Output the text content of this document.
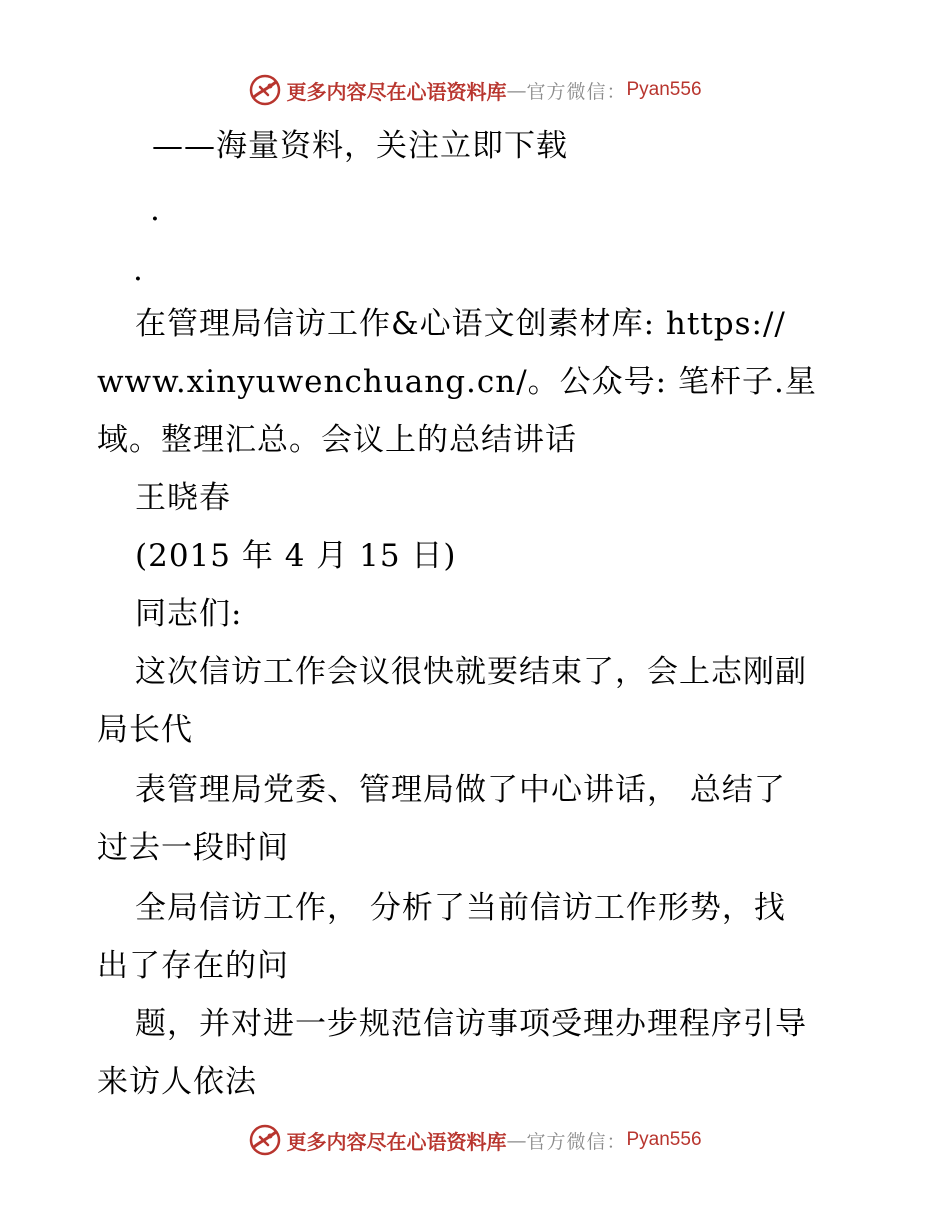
更多内容尽在心语资料库 — 官方微信： Pyan556
——海量资料，关注立即下载
.
.
在管理局信访工作&心语文创素材库: https://
www.xinyuwenchuang.cn/。公众号: 笔杆子.星
域。整理汇总。会议上的总结讲话
王晓春
(2015 年 4 月 15 日)
同志们:
这次信访工作会议很快就要结束了，会上志刚副
局长代
表管理局党委、管理局做了中心讲话， 总结了
过去一段时间
全局信访工作， 分析了当前信访工作形势，找
出了存在的问
题，并对进一步规范信访事项受理办理程序引导
来访人依法
更多内容尽在心语资料库 — 官方微信： Pyan556
